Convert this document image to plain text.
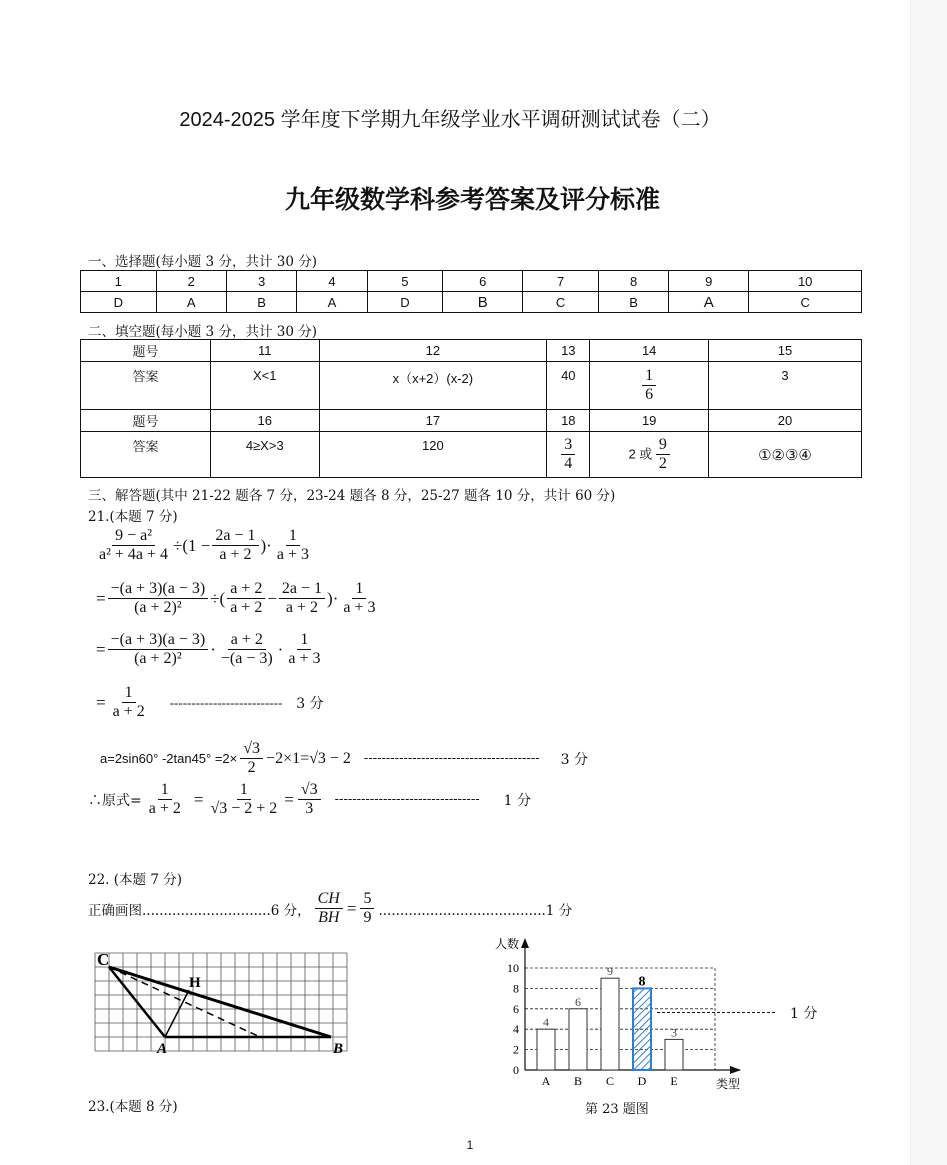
2024-2025 学年度下学期九年级学业水平调研测试试卷（二）
九年级数学科参考答案及评分标准
一、选择题(每小题 3 分，共计 30 分)
1	2	3	4	5	6	7	8	9	10
D	A	B	A	D	B	C	B	A	C
二、填空题(每小题 3 分，共计 30 分)
题号	11	12	13	14	15
答案	X<1	x（x+2）(x-2)	40	$\frac{1}{6}$	3
题号	16	17	18	19	20
答案	4≥X>3	120	$\frac{3}{4}$	2 或 $\frac{9}{2}$	①②③④
三、解答题(其中 21-22 题各 7 分，23-24 题各 8 分，25-27 题各 10 分，共计 60 分)
21.(本题 7 分)
$\frac{\text{9 − a²}}{\text{a² + 4a + 4}} \div(1 - \frac{2a - 1}{a + 2}$ )· $\frac{1}{a + 3}$
= $\frac{-(a + 3)(a - 3)}{\text{(a + 2)²}}$ ÷( $\frac{a + 2}{a + 2} - \frac{2a - 1}{a + 2}$ )· $\frac{1}{a + 3}$
= $\frac{-(a + 3)(a - 3)}{\text{(a + 2)²}} \cdot \frac{a + 2}{-(a - 3)} \cdot \frac{1}{a + 3}$
= $\frac{1}{a + 2}$ -------------------------- 3 分
a=2sin60° $-2\tan 45^\circ =2\times \frac{√3}{2} -2\times 1=√3 - 2$ ---------------------------------------- 3 分
∴原式= $\frac{1}{a + 2} = \frac{1}{√3 - 2 + 2} = \frac{√3}{3}$ --------------------------------- 1 分
22. (本题 7 分)
正确画图..............................6 分， $\frac{CH}{BH} = \frac{5}{9} .......................................1$ 分
C
H
A	B
人数
类型
0
2
4
6
8
10
4
A
6
B
9
C
8
D
3
E
1 分
第 23 题图
23.(本题 8 分)
1
